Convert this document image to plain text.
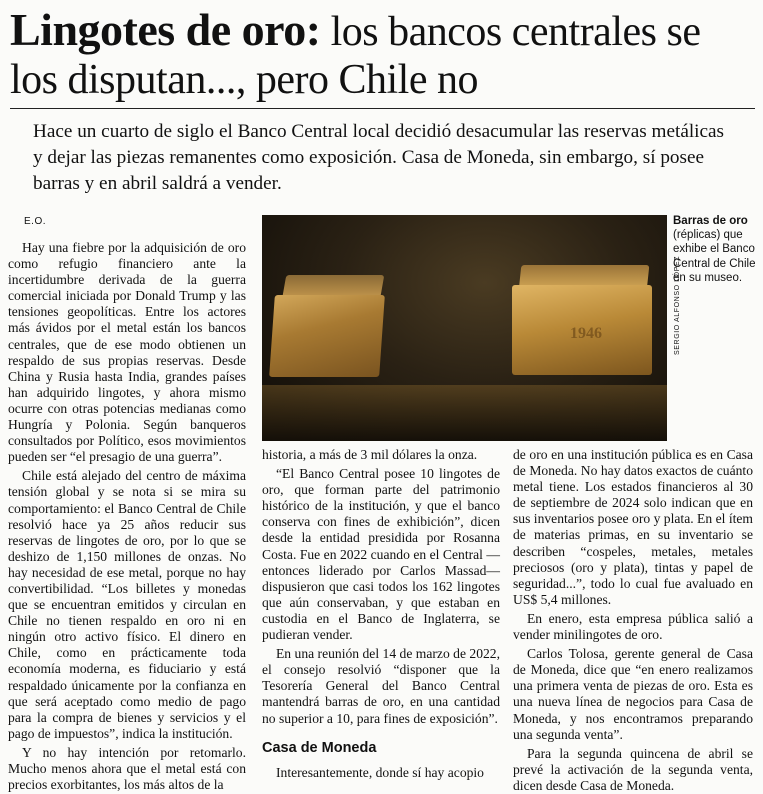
Lingotes de oro: los bancos centrales se los disputan..., pero Chile no

Hace un cuarto de siglo el Banco Central local decidió desacumular las reservas metálicas y dejar las piezas remanentes como exposición. Casa de Moneda, sin embargo, sí posee barras y en abril saldrá a vender.

E.O.

Hay una fiebre por la adquisición de oro como refugio financiero ante la incertidumbre derivada de la guerra comercial iniciada por Donald Trump y las tensiones geopolíticas. Entre los actores más ávidos por el metal están los bancos centrales, que de ese modo obtienen un respaldo de sus propias reservas. Desde China y Rusia hasta India, grandes países han adquirido lingotes, y ahora mismo ocurre con otras potencias medianas como Hungría y Polonia. Según banqueros consultados por Político, esos movimientos pueden ser “el presagio de una guerra”.

Chile está alejado del centro de máxima tensión global y se nota si se mira su comportamiento: el Banco Central de Chile resolvió hace ya 25 años reducir sus reservas de lingotes de oro, por lo que se deshizo de 1,150 millones de onzas. No hay necesidad de ese metal, porque no hay convertibilidad. “Los billetes y monedas que se encuentran emitidos y circulan en Chile no tienen respaldo en oro ni en ningún otro activo físico. El dinero en Chile, como en prácticamente toda economía moderna, es fiduciario y está respaldado únicamente por la confianza en que será aceptado como medio de pago para la compra de bienes y servicios y el pago de impuestos”, indica la institución.

Y no hay intención por retomarlo. Mucho menos ahora que el metal está con precios exorbitantes, los más altos de la

1946	SERGIO ALFONSO LÓPEZ

Barras de oro (réplicas) que exhibe el Banco Central de Chile en su museo.

historia, a más de 3 mil dólares la onza.

“El Banco Central posee 10 lingotes de oro, que forman parte del patrimonio histórico de la institución, y que el banco conserva con fines de exhibición”, dicen desde la entidad presidida por Rosanna Costa. Fue en 2022 cuando en el Central —entonces liderado por Carlos Massad—dispusieron que casi todos los 162 lingotes que aún conservaban, y que estaban en custodia en el Banco de Inglaterra, se pudieran vender.

En una reunión del 14 de marzo de 2022, el consejo resolvió “disponer que la Tesorería General del Banco Central mantendrá barras de oro, en una cantidad no superior a 10, para fines de exposición”.

Casa de Moneda

Interesantemente, donde sí hay acopio

de oro en una institución pública es en Casa de Moneda. No hay datos exactos de cuánto metal tiene. Los estados financieros al 30 de septiembre de 2024 solo indican que en sus inventarios posee oro y plata. En el ítem de materias primas, en su inventario se describen “cospeles, metales, metales preciosos (oro y plata), tintas y papel de seguridad...”, todo lo cual fue avaluado en US$ 5,4 millones.

En enero, esta empresa pública salió a vender minilingotes de oro.

Carlos Tolosa, gerente general de Casa de Moneda, dice que “en enero realizamos una primera venta de piezas de oro. Esta es una nueva línea de negocios para Casa de Moneda, y nos encontramos preparando una segunda venta”.

Para la segunda quincena de abril se prevé la activación de la segunda venta, dicen desde Casa de Moneda.
